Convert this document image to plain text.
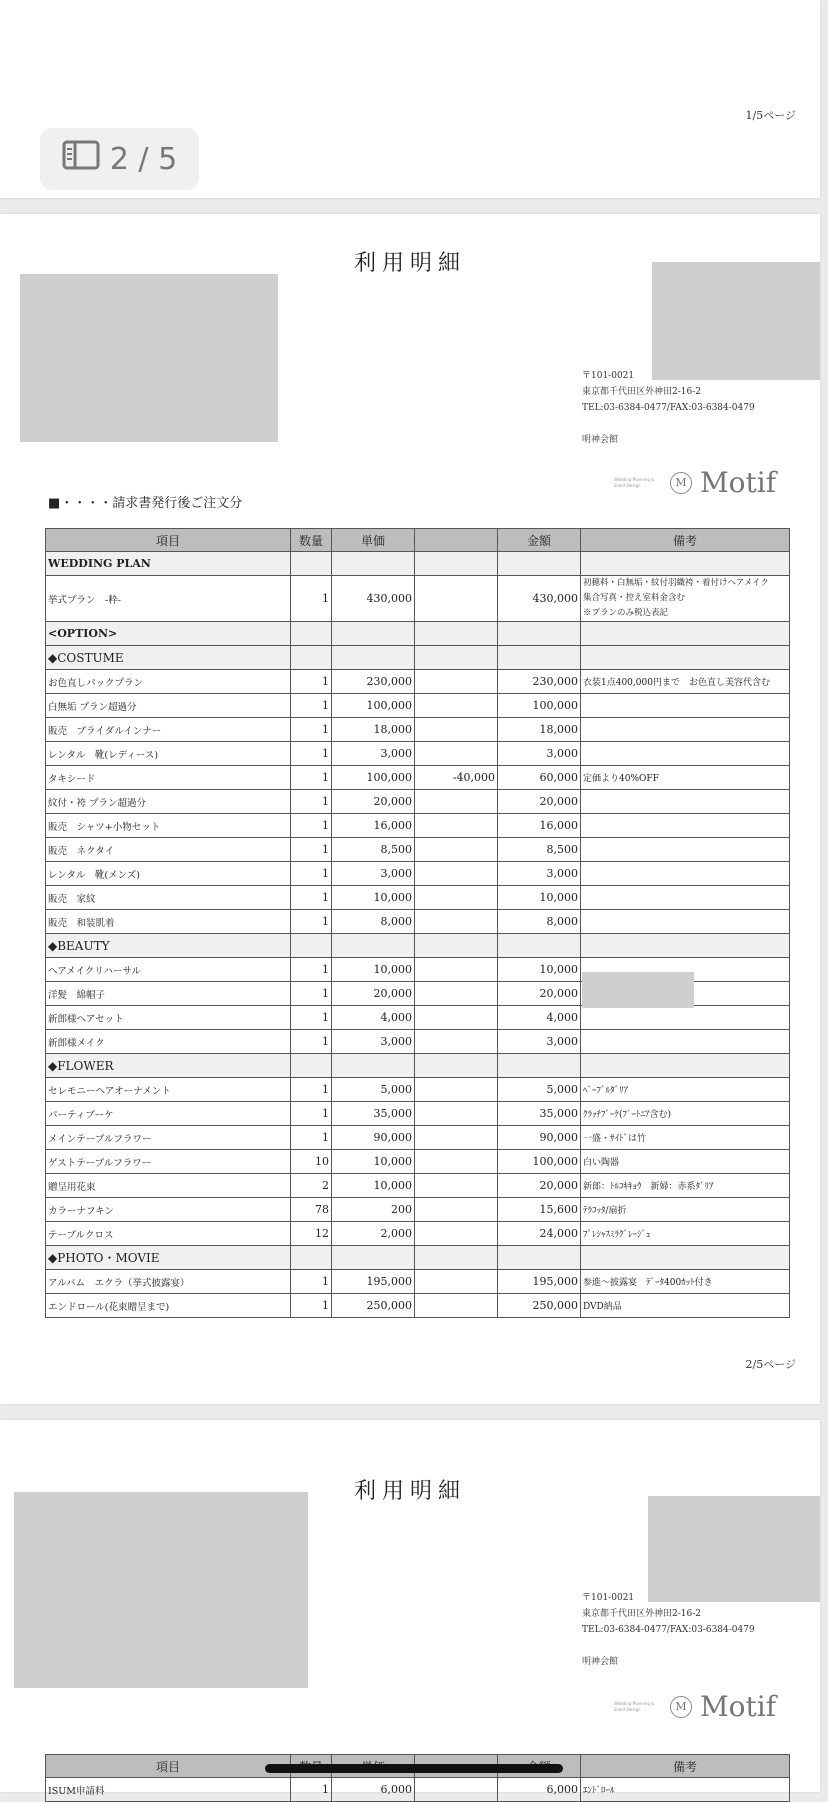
1/5ページ
2 / 5
利用明細
〒101-0021
東京都千代田区外神田2-16-2
TEL:03-6384-0477/FAX:03-6384-0479

明神会館
Wedding Planning & Event Design	M Motif
■・・・・請求書発行後ご注文分
項目	数量	単価		金額	備考
WEDDING PLAN					
挙式プラン　-粋-	1	430,000		430,000	初穂料・白無垢・紋付羽織袴・着付けヘアメイク
集合写真・控え室料金含む
※プランのみ税込表記

<OPTION>					
◆COSTUME					
お色直しパックプラン	1	230,000		230,000	衣装1点400,000円まで　お色直し美容代含む
白無垢 プラン超過分	1	100,000		100,000	
販売　ブライダルインナー	1	18,000		18,000	
レンタル　靴(レディース)	1	3,000		3,000	
タキシード	1	100,000	-40,000	60,000	定価より40%OFF
紋付・袴 プラン超過分	1	20,000		20,000	
販売　シャツ+小物セット	1	16,000		16,000	
販売　ネクタイ	1	8,500		8,500	
レンタル　靴(メンズ)	1	3,000		3,000	
販売　家紋	1	10,000		10,000	
販売　和装肌着	1	8,000		8,000	
◆BEAUTY					
ヘアメイクリハーサル	1	10,000		10,000	
洋髪　綿帽子	1	20,000		20,000	
新郎様ヘアセット	1	4,000		4,000	
新郎様メイク	1	3,000		3,000	
◆FLOWER					
セレモニーヘアオーナメント	1	5,000		5,000	ﾍﾞｰﾌﾞﾙﾀﾞﾘｱ
パーティブーケ	1	35,000		35,000	ｸﾗｯﾁﾌﾞｰｹ(ﾌﾞｰﾄﾆｱ含む)
メインテーブルフラワー	1	90,000		90,000	一盛・ｻｲﾄﾞは竹
ゲストテーブルフラワー	10	10,000		100,000	白い陶器
贈呈用花束	2	10,000		20,000	新郎：ﾄﾙｺｷｷｮｳ　新婦：赤系ﾀﾞﾘｱ
カラーナフキン	78	200		15,600	ﾃﾗｺｯﾀ/扇折
テーブルクロス	12	2,000		24,000	ﾌﾟﾚｼｬｽﾐﾗｸﾞﾚｰｼﾞｭ
◆PHOTO・MOVIE					
アルバム　エクラ（挙式披露宴）	1	195,000		195,000	参進～披露宴　ﾃﾞｰﾀ400ｶｯﾄ付き
エンドロール(花束贈呈まで)	1	250,000		250,000	DVD納品
2/5ページ
利用明細
〒101-0021
東京都千代田区外神田2-16-2
TEL:03-6384-0477/FAX:03-6384-0479

明神会館
Wedding Planning & Event Design	M Motif
項目					備考
ISUM申請料	1	6,000		6,000	ｴﾝﾄﾞﾛｰﾙ
